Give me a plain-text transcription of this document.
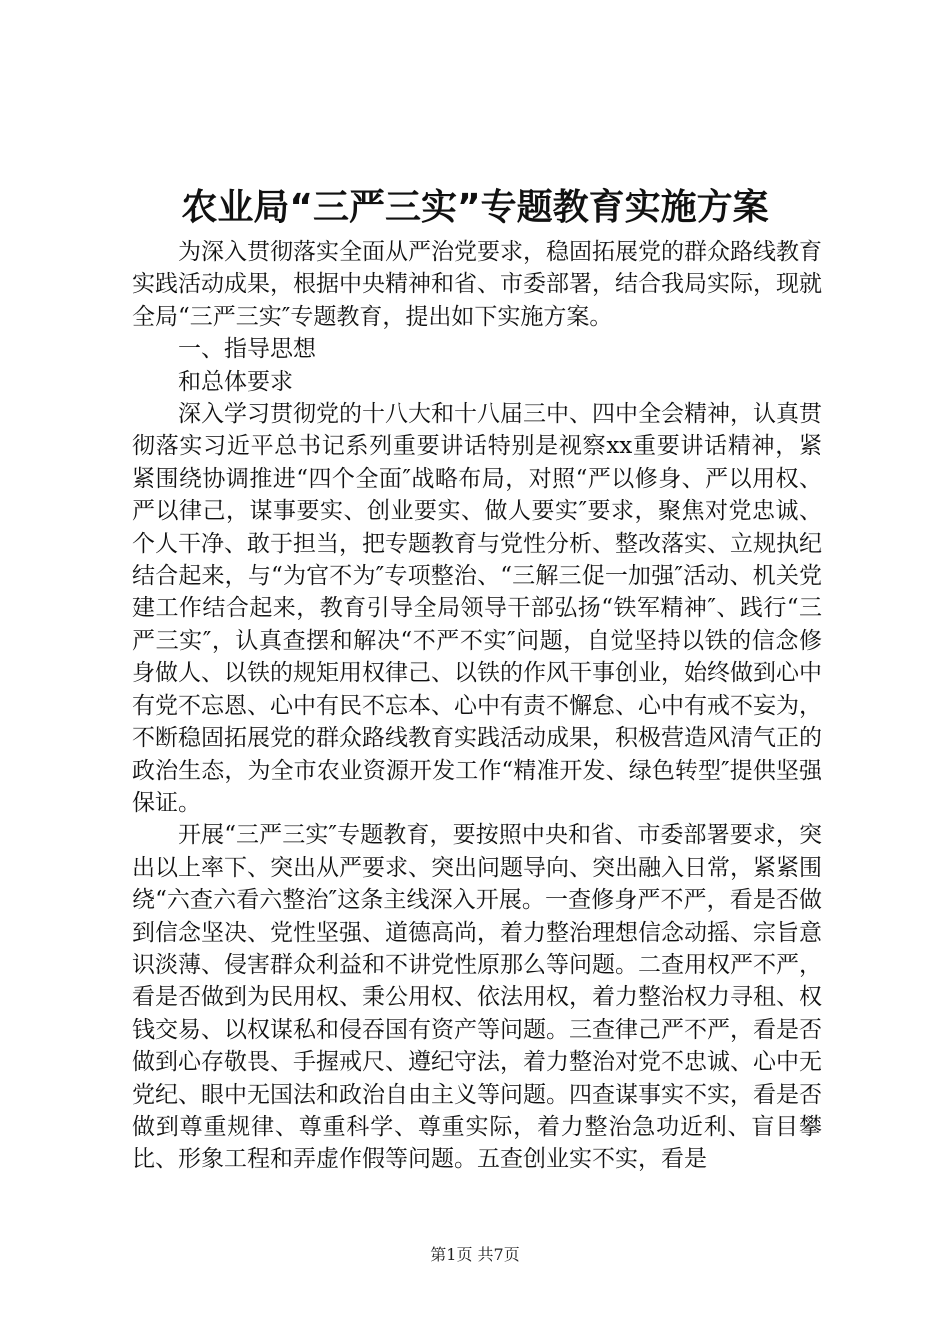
农业局“三严三实”专题教育实施方案

为深入贯彻落实全面从严治党要求，稳固拓展党的群众路线教育实践活动成果，根据中央精神和省、市委部署，结合我局实际，现就全局“三严三实″专题教育，提出如下实施方案。

一、指导思想

和总体要求

深入学习贯彻党的十八大和十八届三中、四中全会精神，认真贯彻落实习近平总书记系列重要讲话特别是视察xx重要讲话精神，紧紧围绕协调推进“四个全面″战略布局，对照“严以修身、严以用权、严以律己，谋事要实、创业要实、做人要实″要求，聚焦对党忠诚、个人干净、敢于担当，把专题教育与党性分析、整改落实、立规执纪结合起来，与“为官不为″专项整治、“三解三促一加强″活动、机关党建工作结合起来，教育引导全局领导干部弘扬“铁军精神″、践行“三严三实″，认真查摆和解决“不严不实″问题，自觉坚持以铁的信念修身做人、以铁的规矩用权律己、以铁的作风干事创业，始终做到心中有党不忘恩、心中有民不忘本、心中有责不懈怠、心中有戒不妄为，不断稳固拓展党的群众路线教育实践活动成果，积极营造风清气正的政治生态，为全市农业资源开发工作“精准开发、绿色转型″提供坚强保证。

开展“三严三实″专题教育，要按照中央和省、市委部署要求，突出以上率下、突出从严要求、突出问题导向、突出融入日常，紧紧围绕“六查六看六整治″这条主线深入开展。一查修身严不严，看是否做到信念坚决、党性坚强、道德高尚，着力整治理想信念动摇、宗旨意识淡薄、侵害群众利益和不讲党性原那么等问题。二查用权严不严，看是否做到为民用权、秉公用权、依法用权，着力整治权力寻租、权钱交易、以权谋私和侵吞国有资产等问题。三查律己严不严，看是否做到心存敬畏、手握戒尺、遵纪守法，着力整治对党不忠诚、心中无党纪、眼中无国法和政治自由主义等问题。四查谋事实不实，看是否做到尊重规律、尊重科学、尊重实际，着力整治急功近利、盲目攀比、形象工程和弄虚作假等问题。五查创业实不实，看是

第1页 共7页
